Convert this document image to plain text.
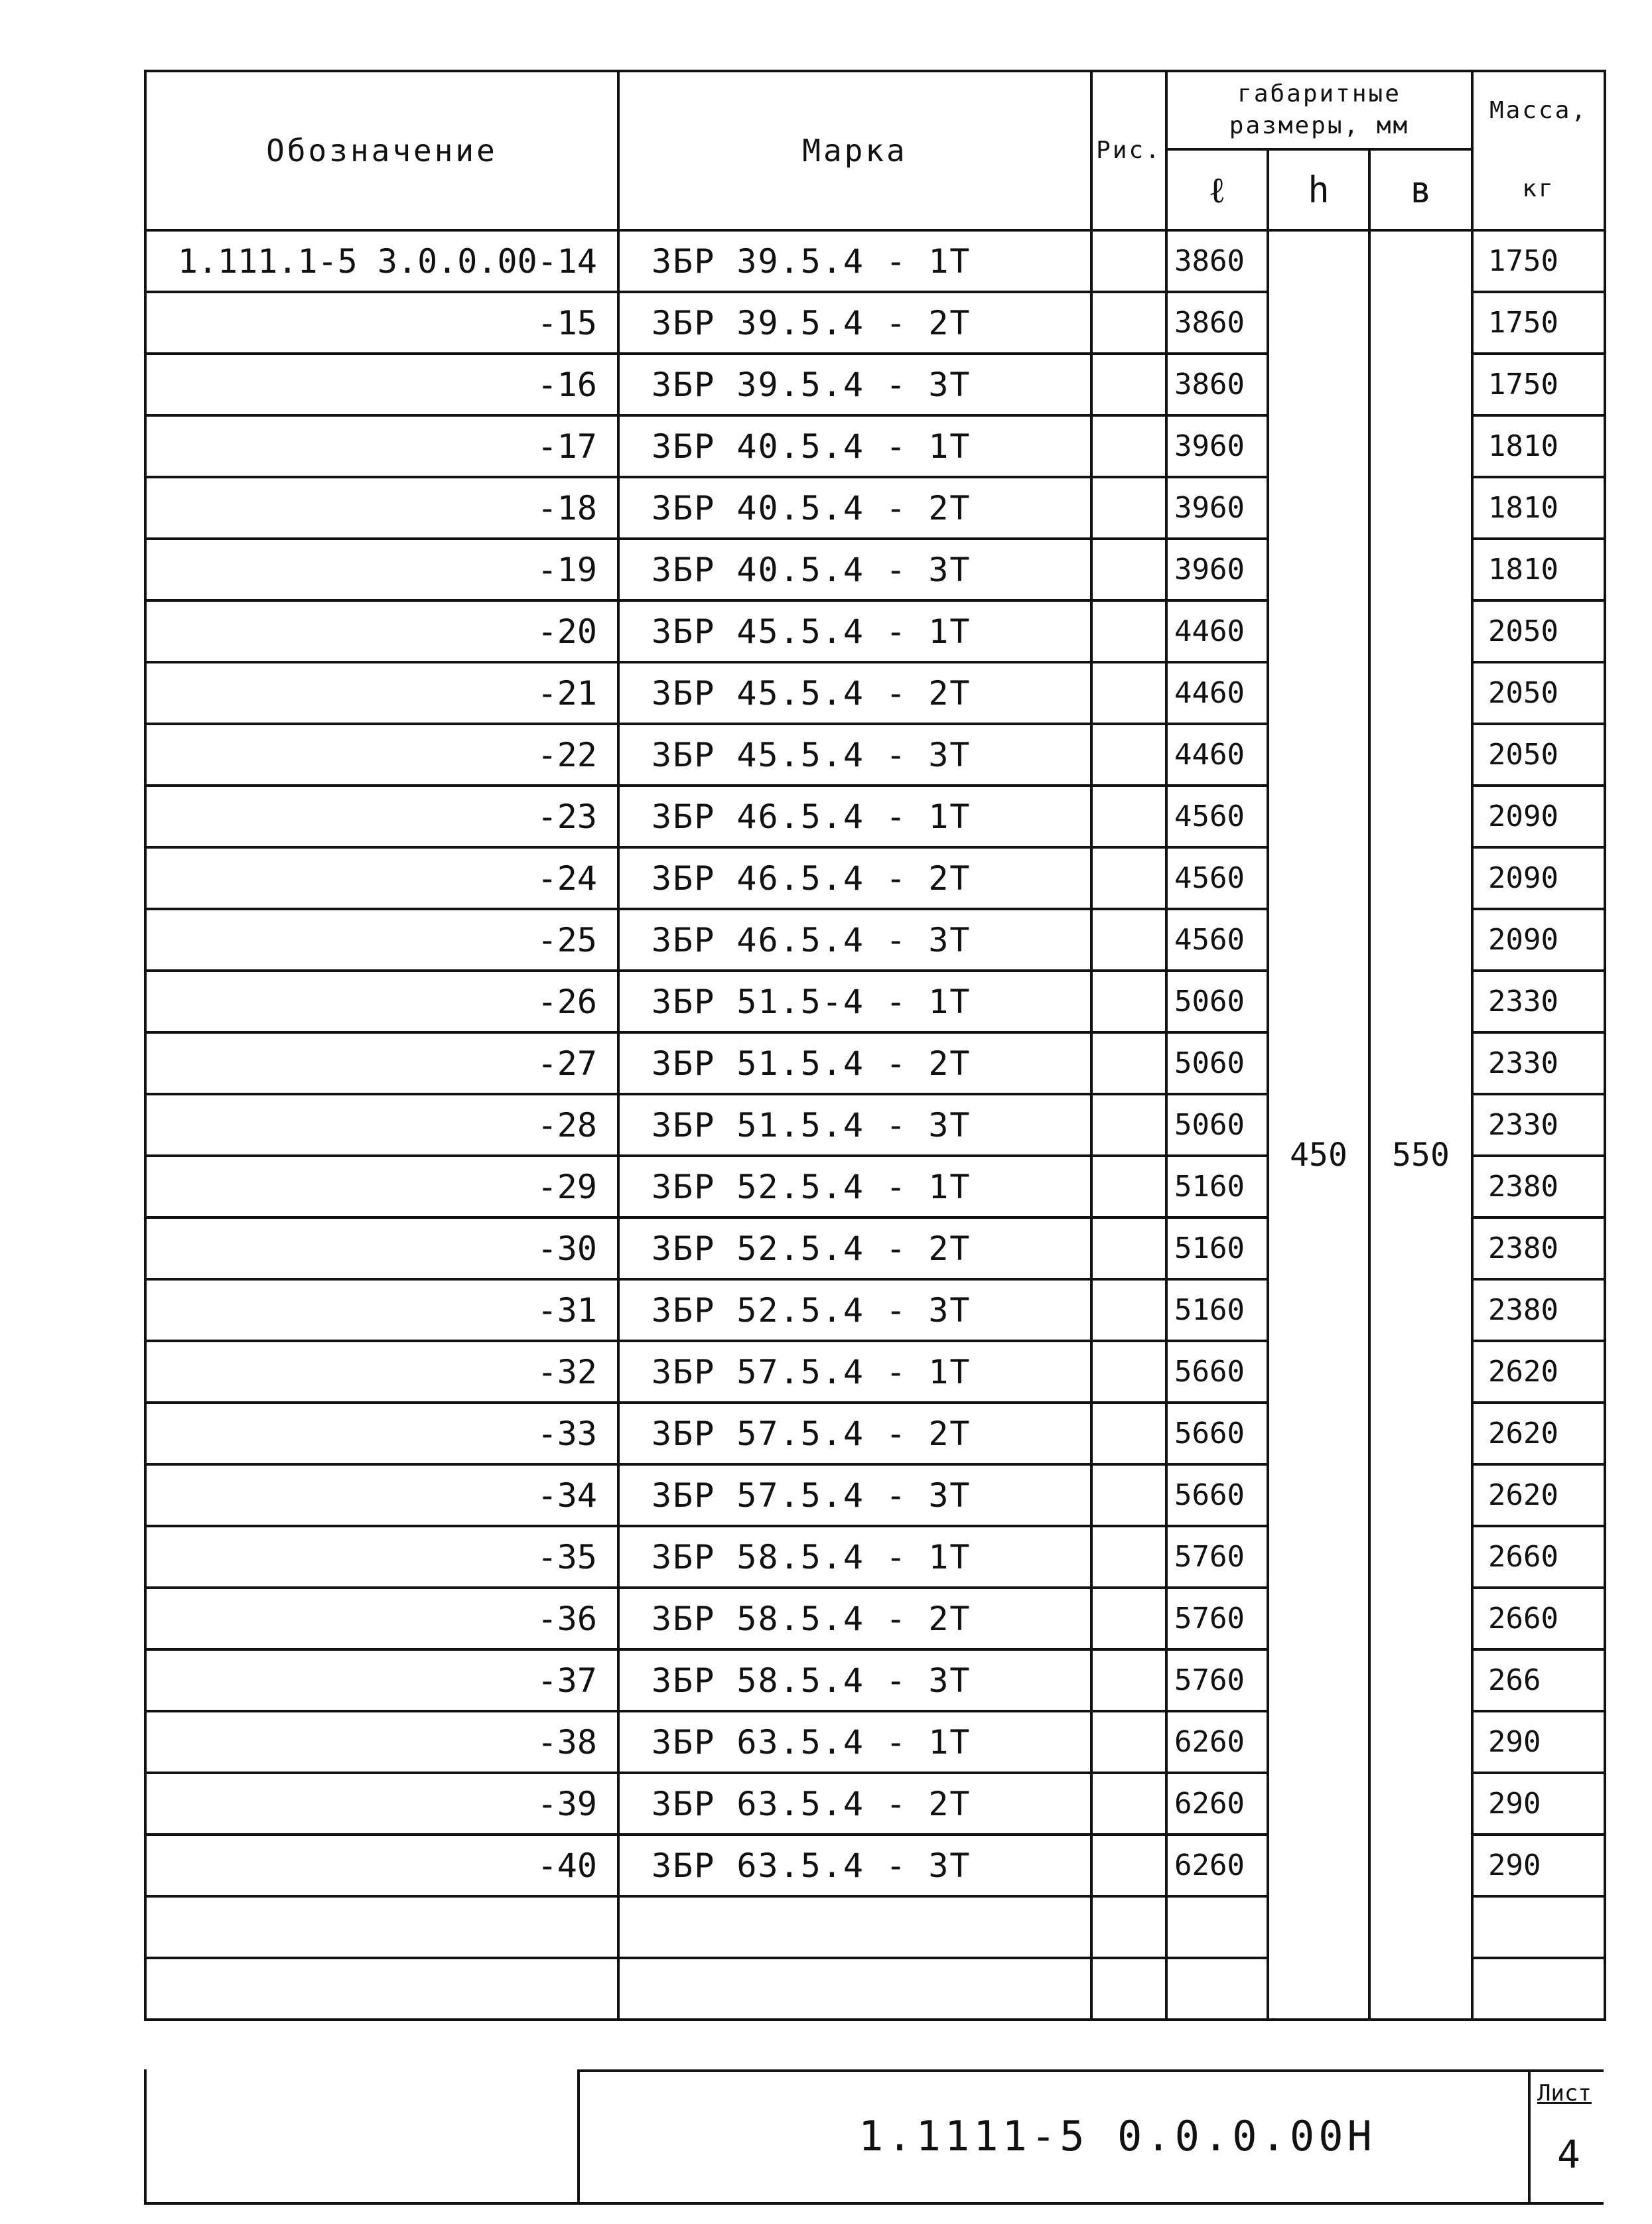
Обозначение	Марка	Рис.	габаритные размеры, мм			Масса,
			ℓ	h	в	кг
1.111.1-5 3.0.0.00-14	3БР 39.5.4 - 1Т		3860			1750
-15	3БР 39.5.4 - 2Т		3860	450	550	1750
-16	3БР 39.5.4 - 3Т		3860			1750
-17	3БР 40.5.4 - 1Т		3960			1810
-18	3БР 40.5.4 - 2Т		3960			1810
-19	3БР 40.5.4 - 3Т		3960			1810
-20	3БР 45.5.4 - 1Т		4460			2050
-21	3БР 45.5.4 - 2Т		4460			2050
-22	3БР 45.5.4 - 3Т		4460			2050
-23	3БР 46.5.4 - 1Т		4560			2090
-24	3БР 46.5.4 - 2Т		4560			2090
-25	3БР 46.5.4 - 3Т		4560			2090
-26	3БР 51.5-4 - 1Т		5060			2330
-27	3БР 51.5.4 - 2Т		5060			2330
-28	3БР 51.5.4 - 3Т		5060			2330
-29	3БР 52.5.4 - 1Т		5160			2380
-30	3БР 52.5.4 - 2Т		5160			2380
-31	3БР 52.5.4 - 3Т		5160			2380
-32	3БР 57.5.4 - 1Т		5660			2620
-33	3БР 57.5.4 - 2Т		5660			2620
-34	3БР 57.5.4 - 3Т		5660			2620
-35	3БР 58.5.4 - 1Т		5760			2660
-36	3БР 58.5.4 - 2Т		5760			2660
-37	3БР 58.5.4 - 3Т		5760			266
-38	3БР 63.5.4 - 1Т		6260			290
-39	3БР 63.5.4 - 2Т		6260			290
-40	3БР 63.5.4 - 3Т		6260			290

1.1111-5 0.0.0.00Н
Лист
4
